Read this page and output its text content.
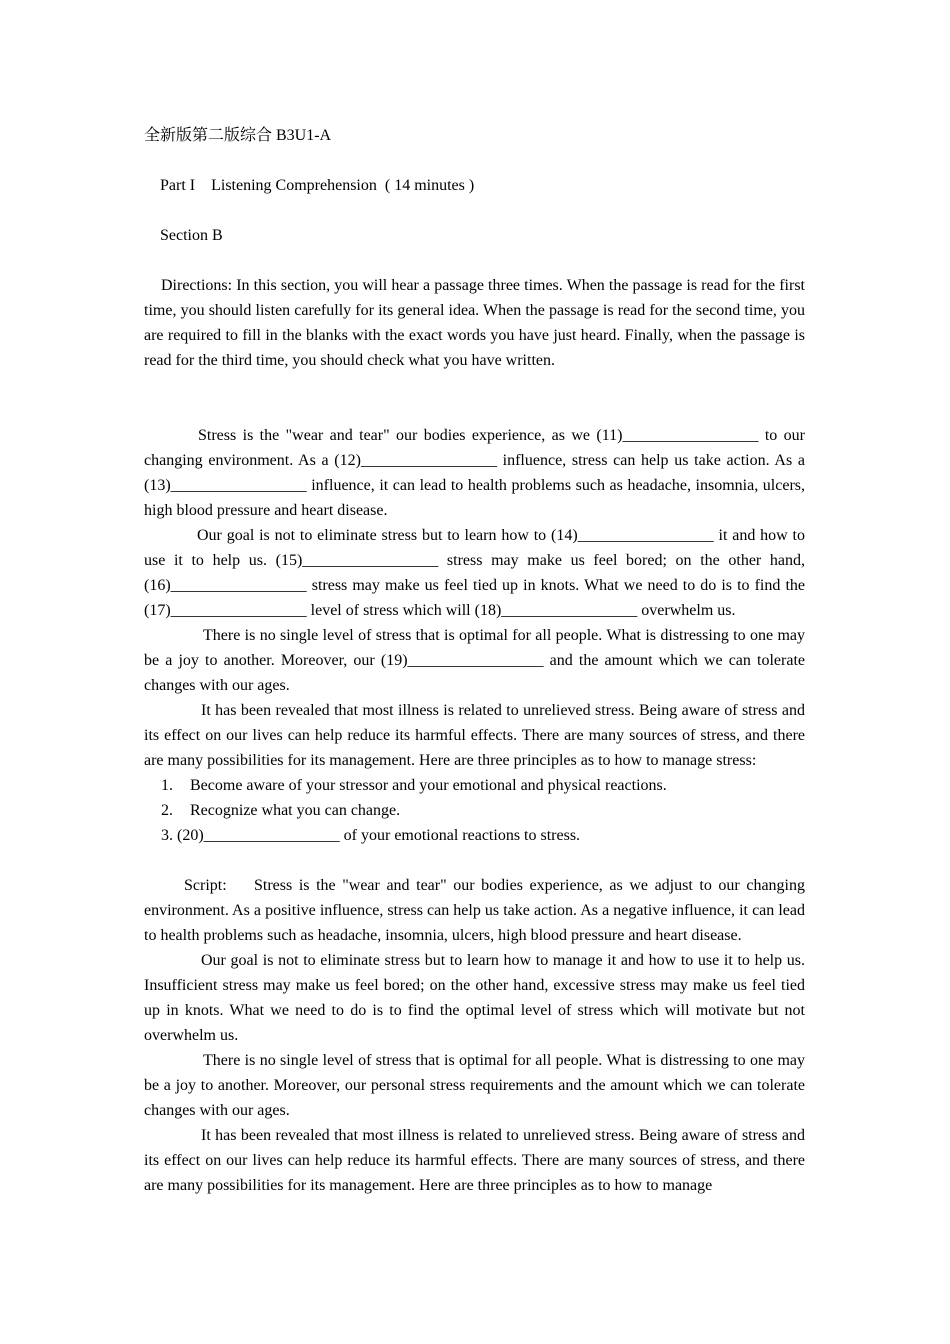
全新版第二版综合 B3U1-A

Part I    Listening Comprehension  ( 14 minutes )

Section B

Directions: In this section, you will hear a passage three times. When the passage is read for the first time, you should listen carefully for its general idea. When the passage is read for the second time, you are required to fill in the blanks with the exact words you have just heard. Finally, when the passage is read for the third time, you should check what you have written.

Stress is the "wear and tear" our bodies experience, as we (11)_________________ to our changing environment. As a (12)_________________ influence, stress can help us take action. As a (13)_________________ influence, it can lead to health problems such as headache, insomnia, ulcers, high blood pressure and heart disease.

Our goal is not to eliminate stress but to learn how to (14)_________________ it and how to use it to help us. (15)_________________ stress may make us feel bored; on the other hand, (16)_________________ stress may make us feel tied up in knots. What we need to do is to find the (17)_________________ level of stress which will (18)_________________ overwhelm us.

There is no single level of stress that is optimal for all people. What is distressing to one may be a joy to another. Moreover, our (19)_________________ and the amount which we can tolerate changes with our ages.

It has been revealed that most illness is related to unrelieved stress. Being aware of stress and its effect on our lives can help reduce its harmful effects. There are many sources of stress, and there are many possibilities for its management. Here are three principles as to how to manage stress:

1. Become aware of your stressor and your emotional and physical reactions.

2. Recognize what you can change.

3. (20)_________________ of your emotional reactions to stress.

Script: Stress is the "wear and tear" our bodies experience, as we adjust to our changing environment. As a positive influence, stress can help us take action. As a negative influence, it can lead to health problems such as headache, insomnia, ulcers, high blood pressure and heart disease.

Our goal is not to eliminate stress but to learn how to manage it and how to use it to help us. Insufficient stress may make us feel bored; on the other hand, excessive stress may make us feel tied up in knots. What we need to do is to find the optimal level of stress which will motivate but not overwhelm us.

There is no single level of stress that is optimal for all people. What is distressing to one may be a joy to another. Moreover, our personal stress requirements and the amount which we can tolerate changes with our ages.

It has been revealed that most illness is related to unrelieved stress. Being aware of stress and its effect on our lives can help reduce its harmful effects. There are many sources of stress, and there are many possibilities for its management. Here are three principles as to how to manage
